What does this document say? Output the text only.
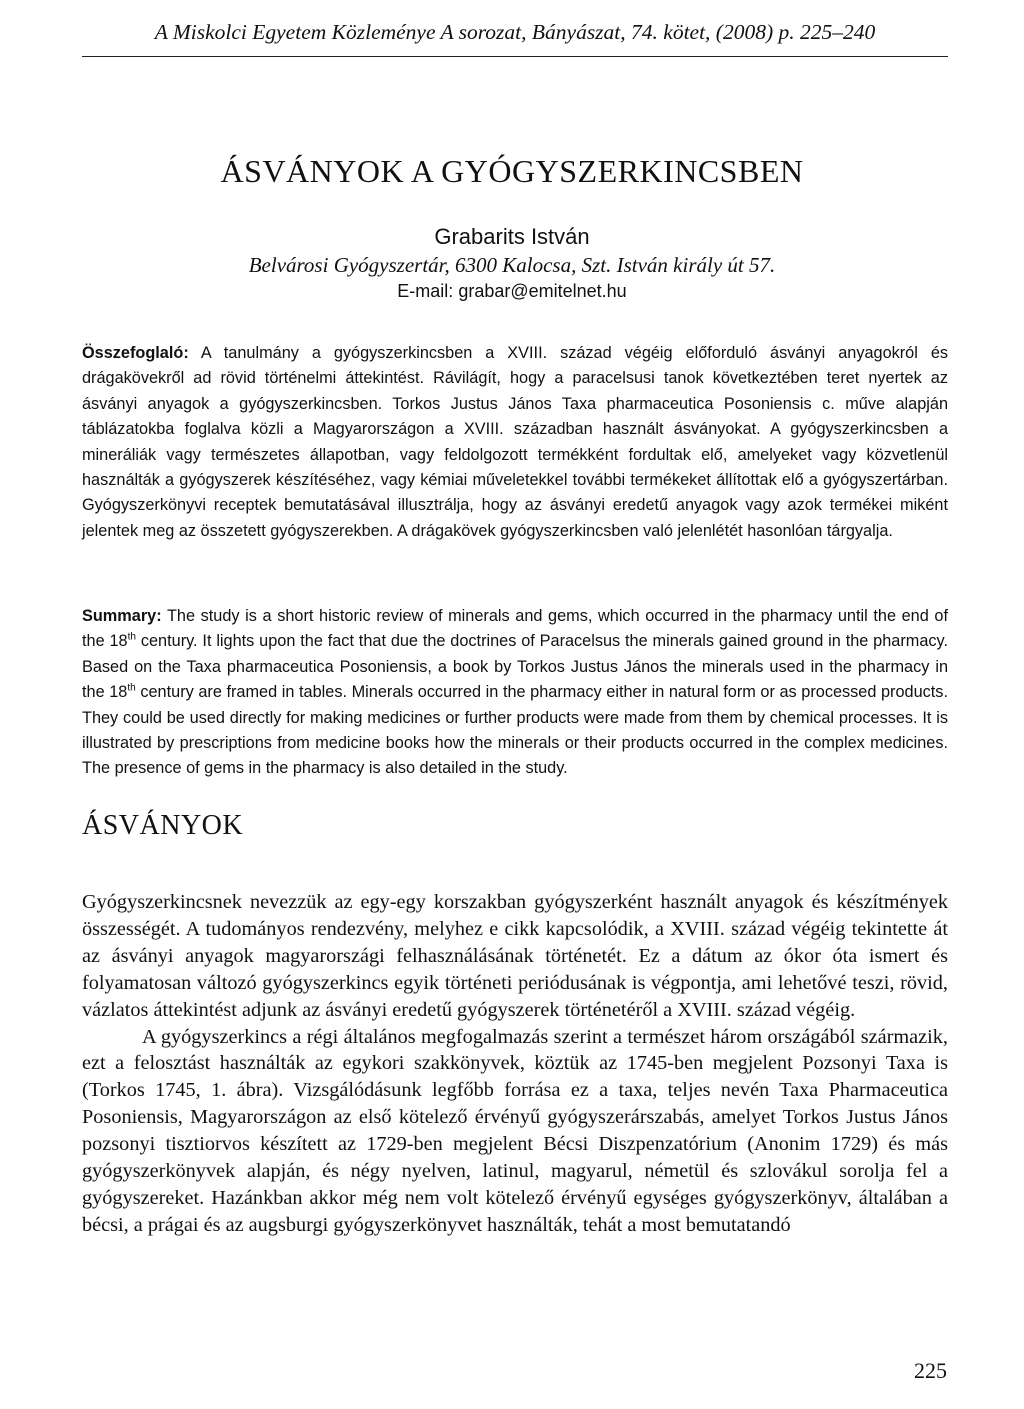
A Miskolci Egyetem Közleménye A sorozat, Bányászat, 74. kötet, (2008) p. 225–240
ÁSVÁNYOK A GYÓGYSZERKINCSBEN
Grabarits István
Belvárosi Gyógyszertár, 6300 Kalocsa, Szt. István király út 57.
E-mail: grabar@emitelnet.hu

Összefoglaló: A tanulmány a gyógyszerkincsben a XVIII. század végéig előforduló ásványi anyagokról és drágakövekről ad rövid történelmi áttekintést. Rávilágít, hogy a paracelsusi tanok következtében teret nyertek az ásványi anyagok a gyógyszerkincsben. Torkos Justus János Taxa pharmaceutica Posoniensis c. műve alapján táblázatokba foglalva közli a Magyarországon a XVIII. században használt ásványokat. A gyógyszerkincsben a mineráliák vagy természetes állapotban, vagy feldolgozott termékként fordultak elő, amelyeket vagy közvetlenül használták a gyógyszerek készítéséhez, vagy kémiai műveletekkel további termékeket állítottak elő a gyógyszertárban. Gyógyszerkönyvi receptek bemutatásával illusztrálja, hogy az ásványi eredetű anyagok vagy azok termékei miként jelentek meg az összetett gyógyszerekben. A drágakövek gyógyszerkincsben való jelenlétét hasonlóan tárgyalja.

Summary: The study is a short historic review of minerals and gems, which occurred in the pharmacy until the end of the 18th century. It lights upon the fact that due the doctrines of Paracelsus the minerals gained ground in the pharmacy. Based on the Taxa pharmaceutica Posoniensis, a book by Torkos Justus János the minerals used in the pharmacy in the 18th century are framed in tables. Minerals occurred in the pharmacy either in natural form or as processed products. They could be used directly for making medicines or further products were made from them by chemical processes. It is illustrated by prescriptions from medicine books how the minerals or their products occurred in the complex medicines. The presence of gems in the pharmacy is also detailed in the study.

ÁSVÁNYOK

Gyógyszerkincsnek nevezzük az egy-egy korszakban gyógyszerként használt anyagok és készítmények összességét. A tudományos rendezvény, melyhez e cikk kapcsolódik, a XVIII. század végéig tekintette át az ásványi anyagok magyarországi felhasználásának történetét. Ez a dátum az ókor óta ismert és folyamatosan változó gyógyszerkincs egyik történeti periódusának is végpontja, ami lehetővé teszi, rövid, vázlatos áttekintést adjunk az ásványi eredetű gyógyszerek történetéről a XVIII. század végéig.

A gyógyszerkincs a régi általános megfogalmazás szerint a természet három országából származik, ezt a felosztást használták az egykori szakkönyvek, köztük az 1745-ben megjelent Pozsonyi Taxa is (Torkos 1745, 1. ábra). Vizsgálódásunk legfőbb forrása ez a taxa, teljes nevén Taxa Pharmaceutica Posoniensis, Magyarországon az első kötelező érvényű gyógyszerárszabás, amelyet Torkos Justus János pozsonyi tisztiorvos készített az 1729-ben megjelent Bécsi Diszpenzatórium (Anonim 1729) és más gyógyszerkönyvek alapján, és négy nyelven, latinul, magyarul, németül és szlovákul sorolja fel a gyógyszereket. Hazánkban akkor még nem volt kötelező érvényű egységes gyógyszerkönyv, általában a bécsi, a prágai és az augsburgi gyógyszerkönyvet használták, tehát a most bemutatandó

225
